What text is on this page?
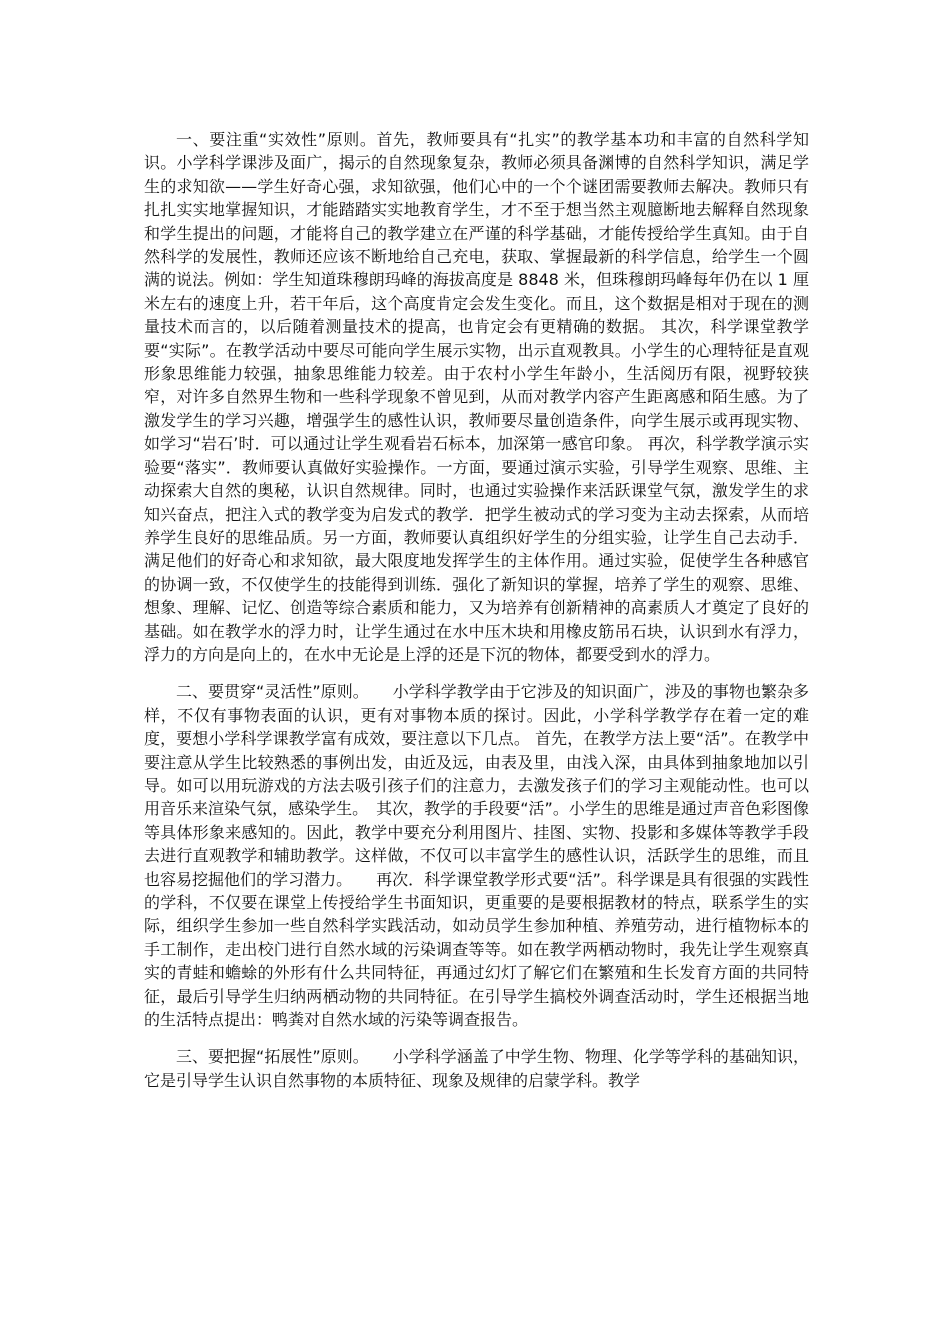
一、要注重“实效性”原则。首先，教师要具有“扎实”的教学基本功和丰富的自然科学知识。小学科学课涉及面广，揭示的自然现象复杂，教师必须具备渊博的自然科学知识，满足学生的求知欲——学生好奇心强，求知欲强，他们心中的一个个谜团需要教师去解决。教师只有扎扎实实地掌握知识，才能踏踏实实地教育学生，才不至于想当然主观臆断地去解释自然现象和学生提出的问题，才能将自己的教学建立在严谨的科学基础，才能传授给学生真知。由于自然科学的发展性，教师还应该不断地给自己充电，获取、掌握最新的科学信息，给学生一个圆满的说法。例如：学生知道珠穆朗玛峰的海拔高度是 8848 米，但珠穆朗玛峰每年仍在以 1 厘米左右的速度上升，若干年后，这个高度肯定会发生变化。而且，这个数据是相对于现在的测量技术而言的，以后随着测量技术的提高，也肯定会有更精确的数据。 其次，科学课堂教学要“实际”。在教学活动中要尽可能向学生展示实物，出示直观教具。小学生的心理特征是直观形象思维能力较强，抽象思维能力较差。由于农村小学生年龄小，生活阅历有限，视野较狭窄，对许多自然界生物和一些科学现象不曾见到，从而对教学内容产生距离感和陌生感。为了激发学生的学习兴趣，增强学生的感性认识，教师要尽量创造条件，向学生展示或再现实物、如学习“岩石’时．可以通过让学生观看岩石标本，加深第一感官印象。 再次，科学教学演示实验要“落实”．教师要认真做好实验操作。一方面，要通过演示实验，引导学生观察、思维、主动探索大自然的奥秘，认识自然规律。同时，也通过实验操作来活跃课堂气氛，激发学生的求知兴奋点，把注入式的教学变为启发式的教学．把学生被动式的学习变为主动去探索，从而培养学生良好的思维品质。另一方面，教师要认真组织好学生的分组实验，让学生自己去动手．满足他们的好奇心和求知欲，最大限度地发挥学生的主体作用。通过实验，促使学生各种感官的协调一致，不仅使学生的技能得到训练．强化了新知识的掌握，培养了学生的观察、思维、想象、理解、记忆、创造等综合素质和能力，又为培养有创新精神的高素质人才奠定了良好的基础。如在教学水的浮力时，让学生通过在水中压木块和用橡皮筋吊石块，认识到水有浮力，浮力的方向是向上的，在水中无论是上浮的还是下沉的物体，都要受到水的浮力。

二、要贯穿“灵活性”原则。　　小学科学教学由于它涉及的知识面广，涉及的事物也繁杂多样，不仅有事物表面的认识，更有对事物本质的探讨。因此，小学科学教学存在着一定的难度，要想小学科学课教学富有成效，要注意以下几点。 首先，在教学方法上要“活”。在教学中要注意从学生比较熟悉的事例出发，由近及远，由表及里，由浅入深，由具体到抽象地加以引导。如可以用玩游戏的方法去吸引孩子们的注意力，去激发孩子们的学习主观能动性。也可以用音乐来渲染气氛，感染学生。　其次，教学的手段要“活”。小学生的思维是通过声音色彩图像等具体形象来感知的。因此，教学中要充分利用图片、挂图、实物、投影和多媒体等教学手段去进行直观教学和辅助教学。这样做，不仅可以丰富学生的感性认识，活跃学生的思维，而且也容易挖掘他们的学习潜力。　　再次．科学课堂教学形式要“活”。科学课是具有很强的实践性的学科，不仅要在课堂上传授给学生书面知识，更重要的是要根据教材的特点，联系学生的实际，组织学生参加一些自然科学实践活动，如动员学生参加种植、养殖劳动，进行植物标本的手工制作，走出校门进行自然水域的污染调查等等。如在教学两栖动物时，我先让学生观察真实的青蛙和蟾蜍的外形有什么共同特征，再通过幻灯了解它们在繁殖和生长发育方面的共同特征，最后引导学生归纳两栖动物的共同特征。在引导学生搞校外调查活动时，学生还根据当地的生活特点提出：鸭粪对自然水域的污染等调查报告。

三、要把握“拓展性”原则。　　小学科学涵盖了中学生物、物理、化学等学科的基础知识，它是引导学生认识自然事物的本质特征、现象及规律的启蒙学科。教学
